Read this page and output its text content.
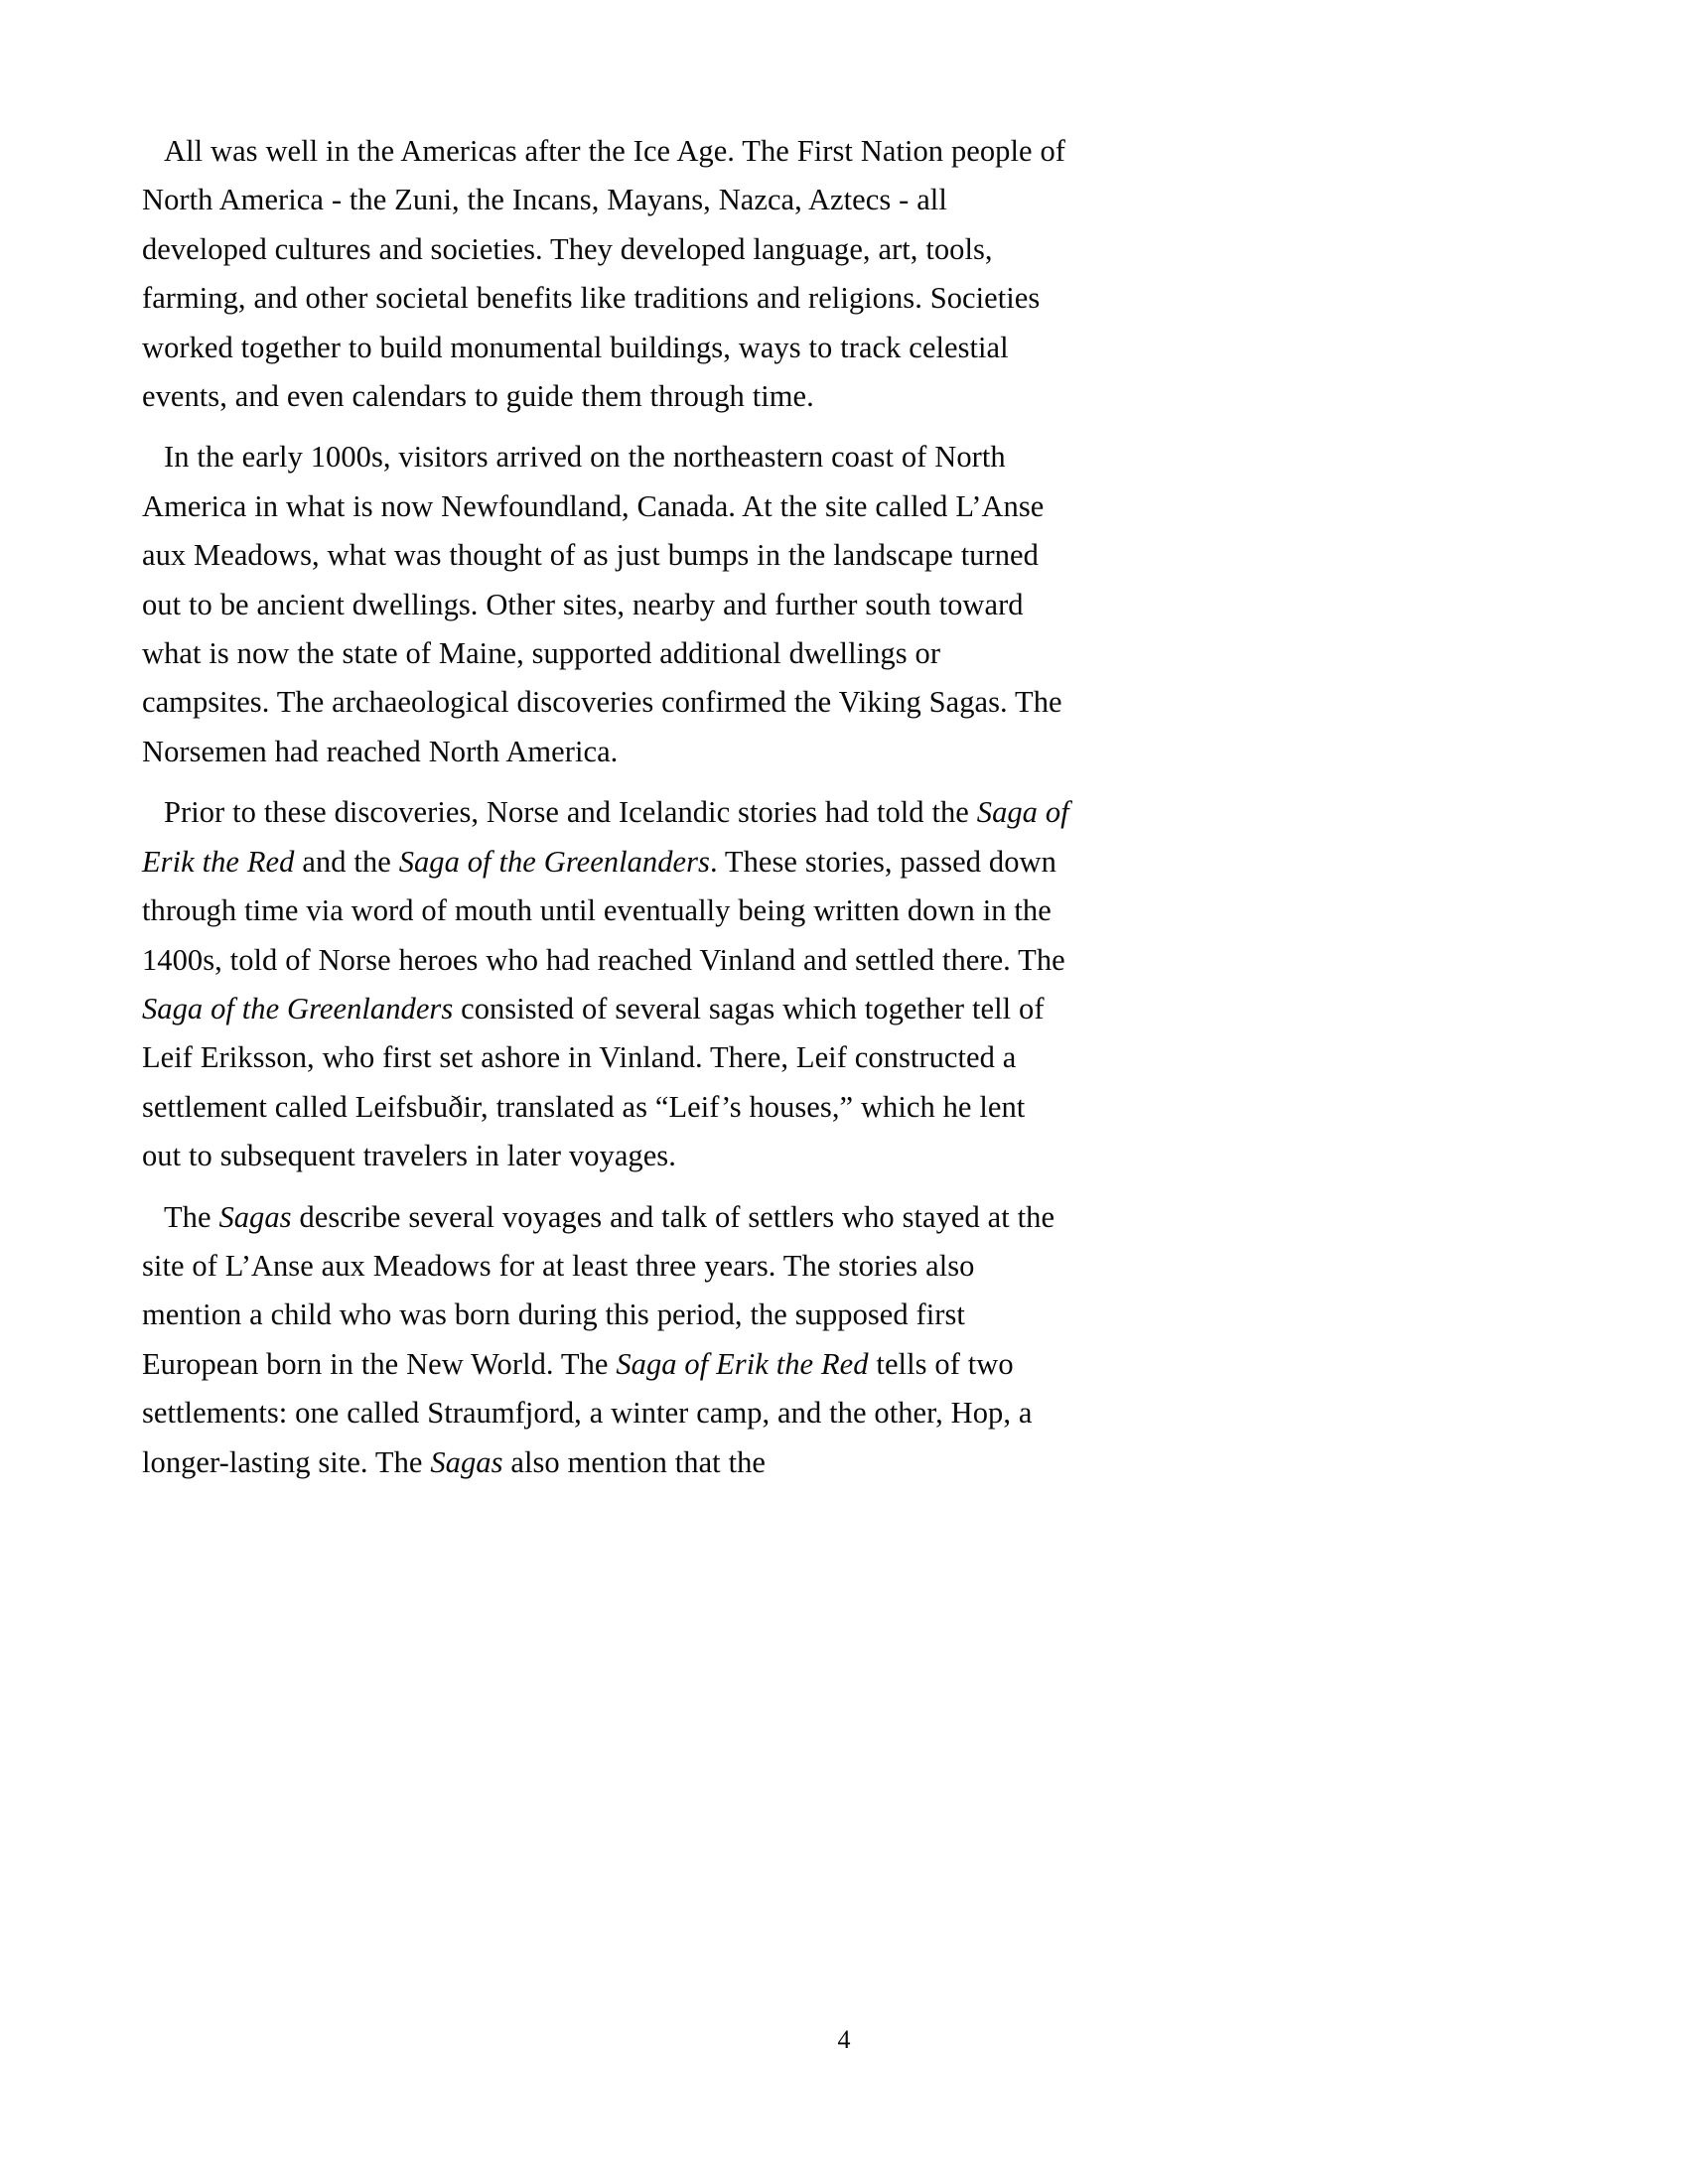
All was well in the Americas after the Ice Age. The First Nation people of North America - the Zuni, the Incans, Mayans, Nazca, Aztecs - all developed cultures and societies. They developed language, art, tools, farming, and other societal benefits like traditions and religions. Societies worked together to build monumental buildings, ways to track celestial events, and even calendars to guide them through time.

In the early 1000s, visitors arrived on the northeastern coast of North America in what is now Newfoundland, Canada. At the site called L’Anse aux Meadows, what was thought of as just bumps in the landscape turned out to be ancient dwellings. Other sites, nearby and further south toward what is now the state of Maine, supported additional dwellings or campsites. The archaeological discoveries confirmed the Viking Sagas. The Norsemen had reached North America.

Prior to these discoveries, Norse and Icelandic stories had told the Saga of Erik the Red and the Saga of the Greenlanders. These stories, passed down through time via word of mouth until eventually being written down in the 1400s, told of Norse heroes who had reached Vinland and settled there. The Saga of the Greenlanders consisted of several sagas which together tell of Leif Eriksson, who first set ashore in Vinland. There, Leif constructed a settlement called Leifsbuðir, translated as “Leif’s houses,” which he lent out to subsequent travelers in later voyages.

The Sagas describe several voyages and talk of settlers who stayed at the site of L’Anse aux Meadows for at least three years. The stories also mention a child who was born during this period, the supposed first European born in the New World. The Saga of Erik the Red tells of two settlements: one called Straumfjord, a winter camp, and the other, Hop, a longer-lasting site. The Sagas also mention that the

4
